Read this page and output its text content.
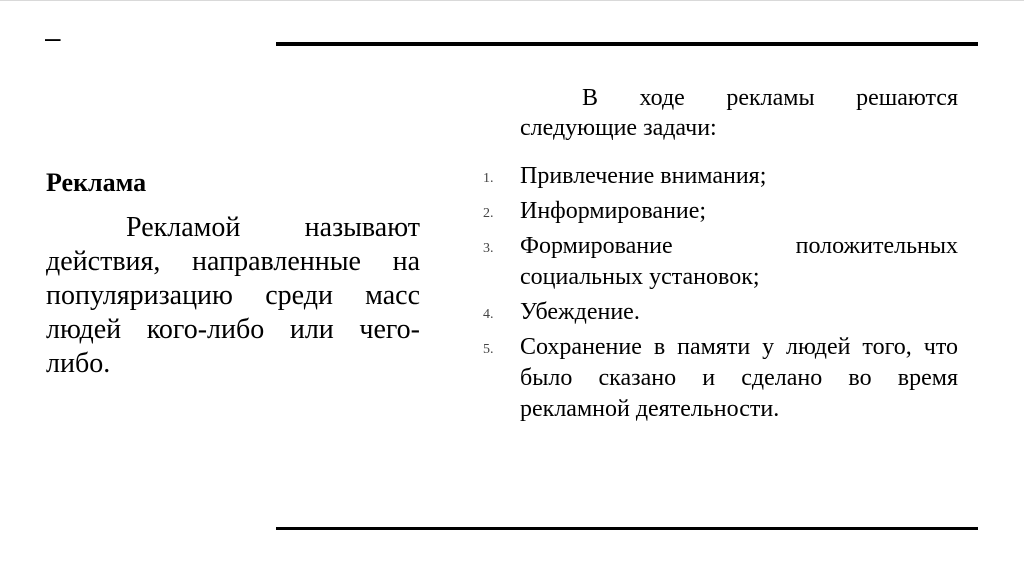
–

Реклама

Рекламой называют действия, направленные на популяризацию среди масс людей кого-либо или чего-либо.

В ходе рекламы решаются следующие задачи:

1. Привлечение внимания;
2. Информирование;
3. Формирование положительных социальных установок;
4. Убеждение.
5. Сохранение в памяти у людей того, что было сказано и сделано во время рекламной деятельности.
